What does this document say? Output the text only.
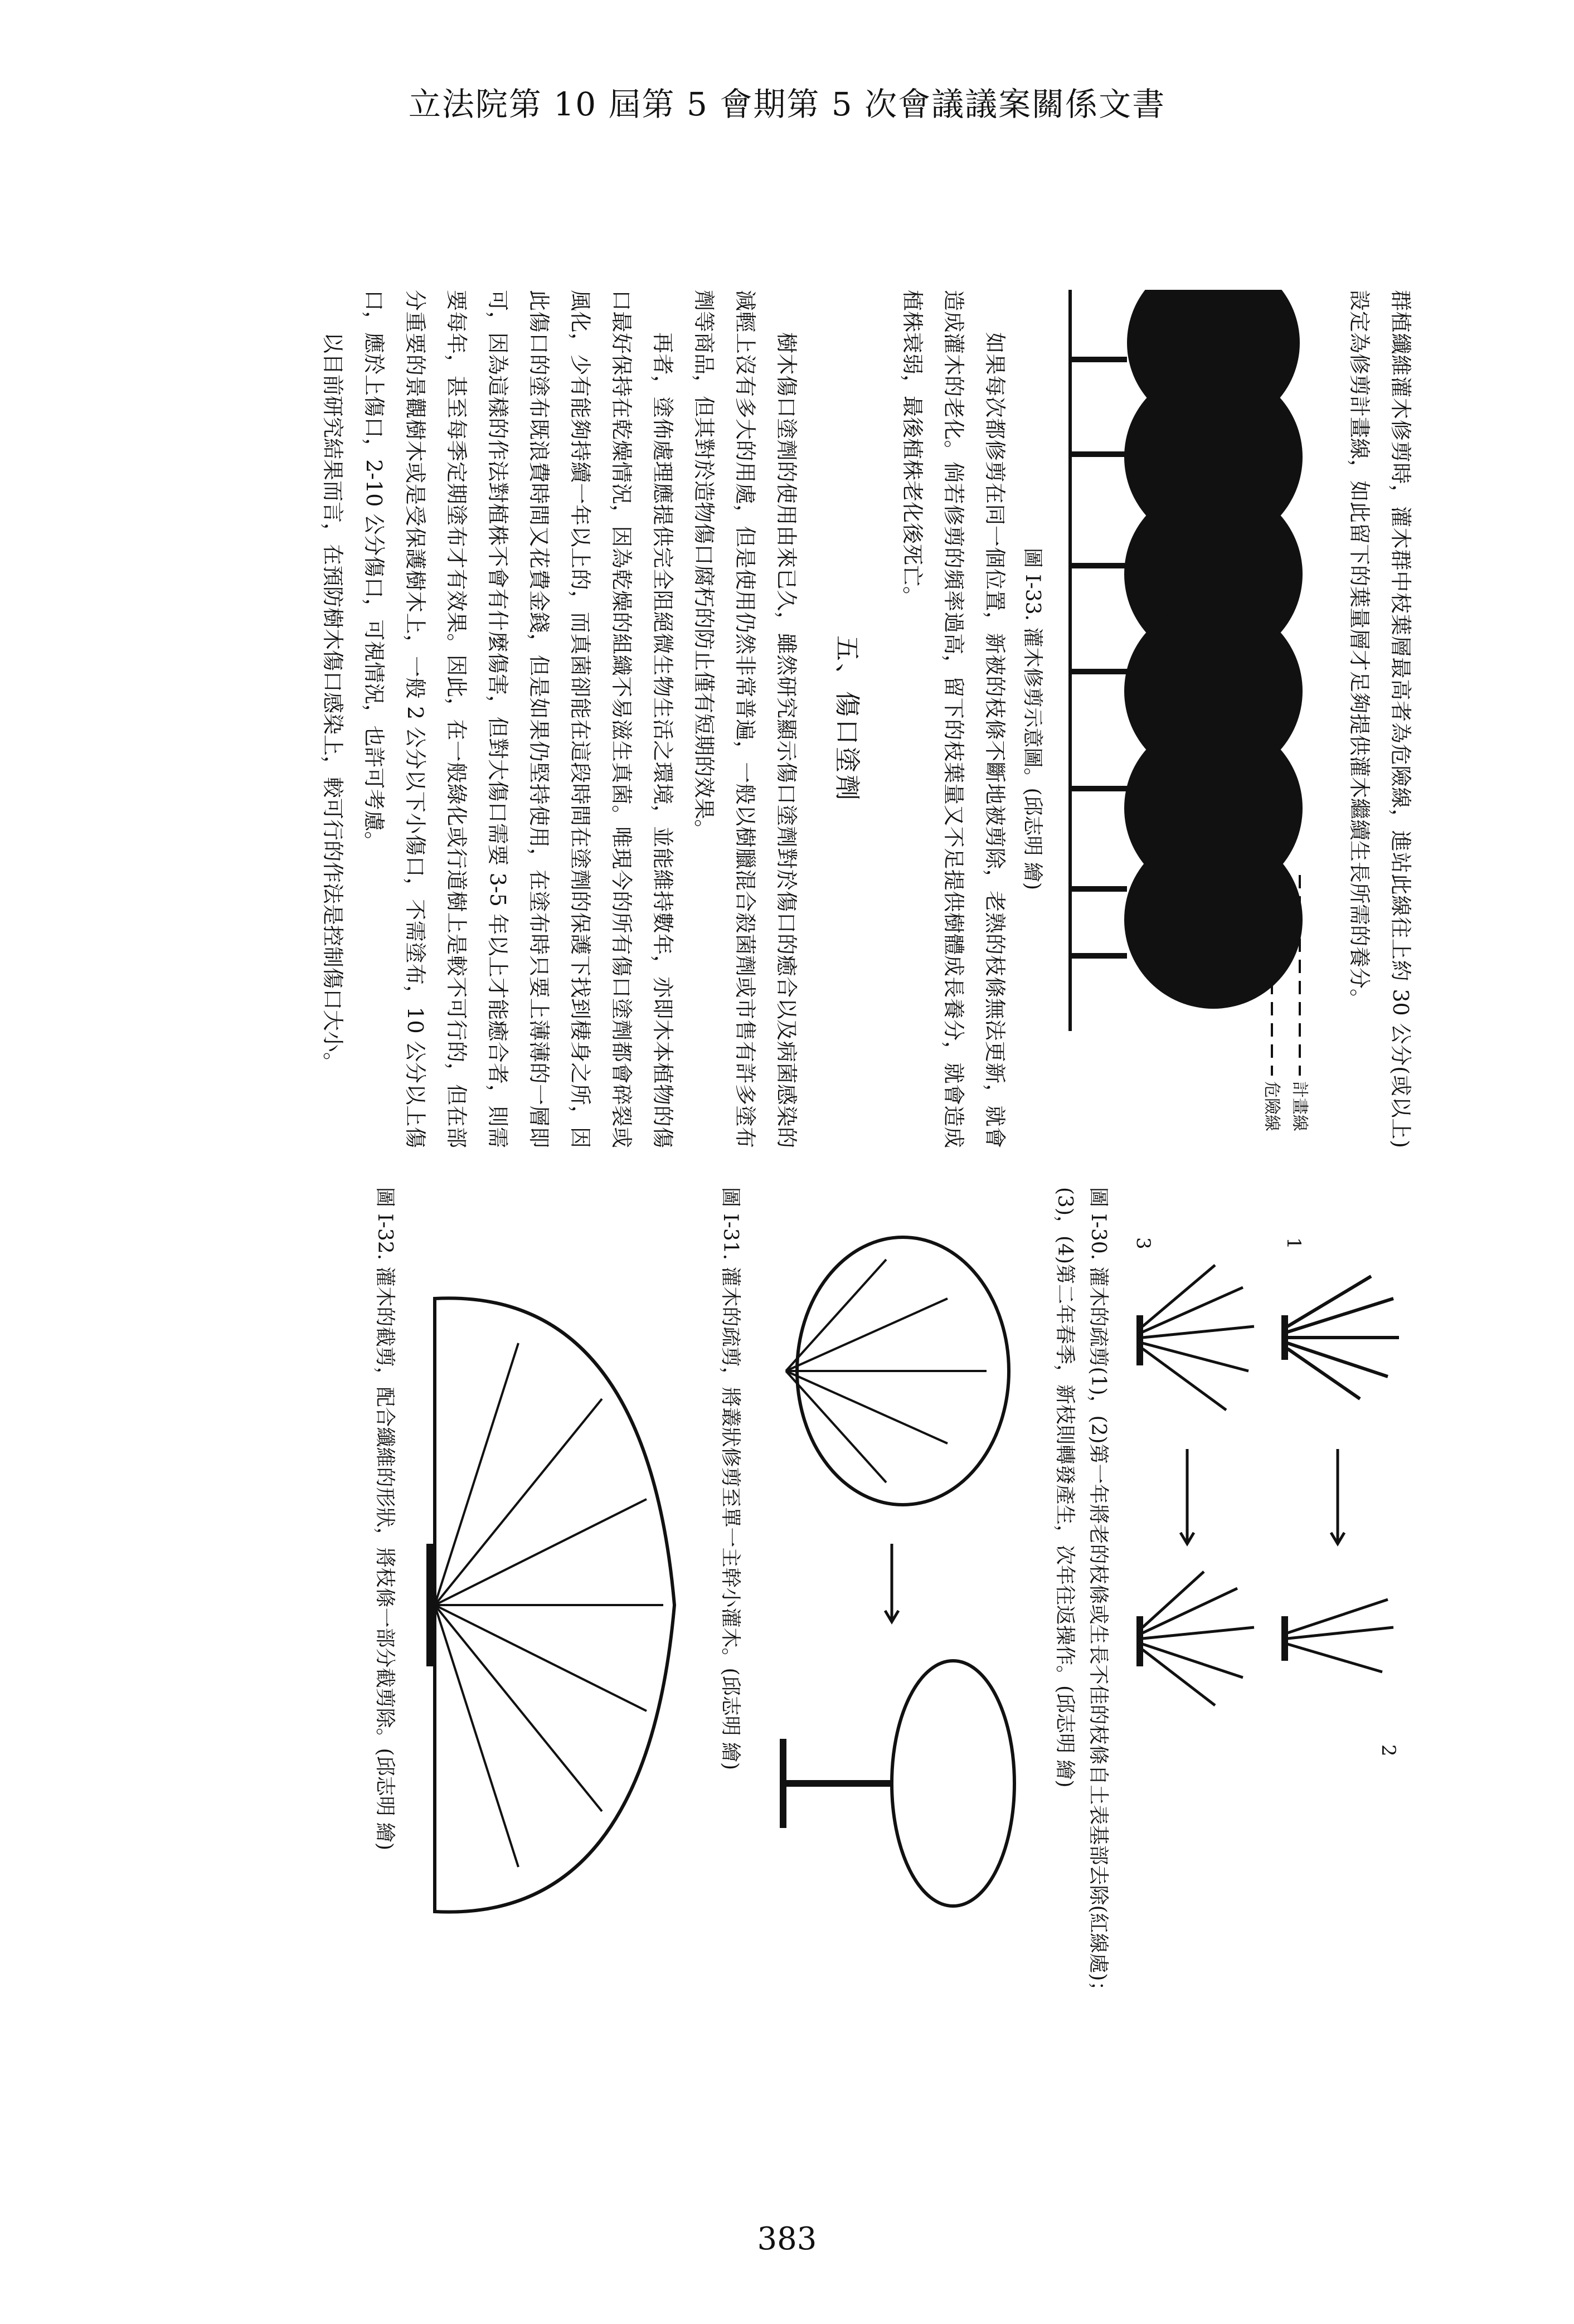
立法院第 10 屆第 5 會期第 5 次會議議案關係文書

群植纖維灌木修剪時，灌木群中枝葉層最高者為危險線，進站此線往上約 30 公分(或以上)設定為修剪計畫線，如此留下的葉量層才足夠提供灌木繼續生長所需的養分。

計畫線
危險線

圖 I-33. 灌木修剪示意圖。(邱志明 繪)

如果每次都修剪在同一個位置，新被的枝條不斷地被剪除，老熟的枝條無法更新，就會造成灌木的老化。倘若修剪的頻率過高，留下的枝葉量又不足提供樹體成長養分，就會造成植株衰弱，最後植株老化後死亡。

五、傷口塗劑

樹木傷口塗劑的使用由來已久，雖然研究顯示傷口塗劑對於傷口的癒合以及病菌感染的減輕上沒有多大的用處，但是使用仍然非常普遍，一般以樹臘混合殺菌劑或市售有許多塗布劑等商品，但其對於造物傷口腐朽的防止僅有短期的效果。

再者，塗佈處理應提供完全阻絕微生物生活之環境，並能維持數年，亦即木本植物的傷口最好保持在乾燥情況，因為乾燥的組織不易滋生真菌。唯現今的所有傷口塗劑都會碎裂或風化，少有能夠持續一年以上的，而真菌卻能在這段時間在塗劑的保護下找到棲身之所，因此傷口的塗布既浪費時間又花費金錢，但是如果仍堅持使用，在塗布時只要上薄薄的一層即可，因為這樣的作法對植株不會有什麼傷害，但對大傷口需要 3-5 年以上才能癒合者，則需要每年，甚至每季定期塗布才有效果。因此，在一般綠化或行道樹上是較不可行的，但在部分重要的景觀樹木或是受保護樹木上，一般 2 公分以下小傷口，不需塗布，10 公分以上傷口，應於上傷口，2-10 公分傷口，可視情況，也許可考慮。

以目前研究結果而言，在預防樹木傷口感染上，較可行的作法是控制傷口大小。

1
2
3

圖 I-30. 灌木的疏剪(1)，(2)第一年將老的枝條或生長不佳的枝條自土表基部去除(紅線處)；(3)，(4)第二年春季，新枝則轉發產生，次年往返操作。(邱志明 繪)

圖 I-31. 灌木的疏剪，將叢狀修剪至單一主幹小灌木。(邱志明 繪)

圖 I-32. 灌木的截剪，配合纖維的形狀，將枝條一部分截剪除。(邱志明 繪)

383
